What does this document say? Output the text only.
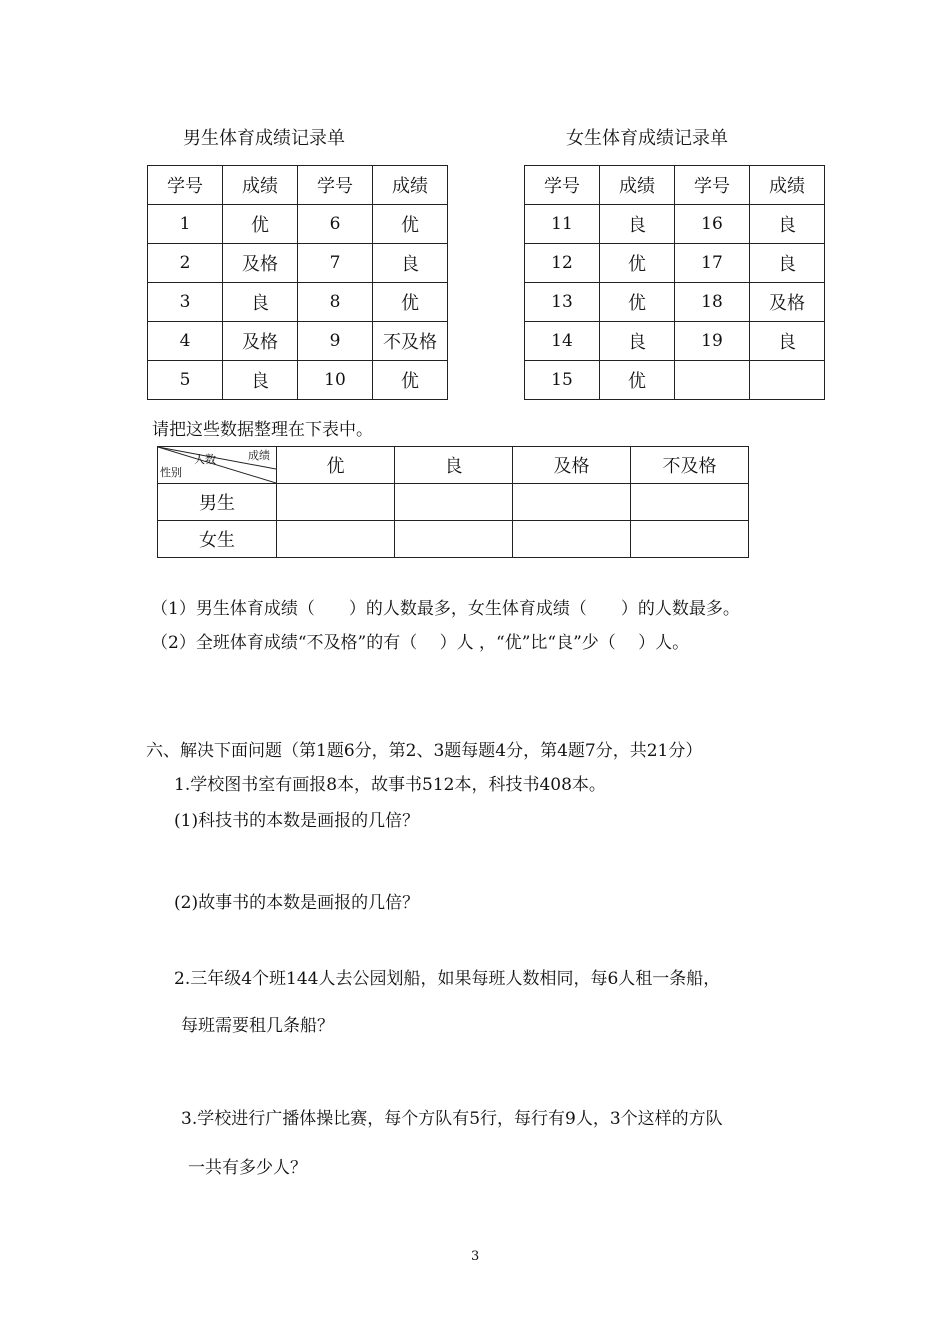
男生体育成绩记录单	女生体育成绩记录单
学号	成绩	学号	成绩
1	优	6	优
2	及格	7	良
3	良	8	优
4	及格	9	不及格
5	良	10	优
学号	成绩	学号	成绩
11	良	16	良
12	优	17	良
13	优	18	及格
14	良	19	良
15	优		
请把这些数据整理在下表中。
成绩
人数
性别	优	良	及格	不及格
男生				
女生				
（1）男生体育成绩（　　）的人数最多，女生体育成绩（　　）的人数最多。
（2）全班体育成绩“不及格”的有（　 ）人 ，“优”比“良”少（　 ）人。
六、解决下面问题（第1题6分，第2、3题每题4分，第4题7分，共21分）
1.学校图书室有画报8本，故事书512本，科技书408本。
(1)科技书的本数是画报的几倍？
(2)故事书的本数是画报的几倍？
2.三年级4个班144人去公园划船，如果每班人数相同，每6人租一条船，
每班需要租几条船？
3.学校进行广播体操比赛，每个方队有5行，每行有9人，3个这样的方队
一共有多少人？
3
